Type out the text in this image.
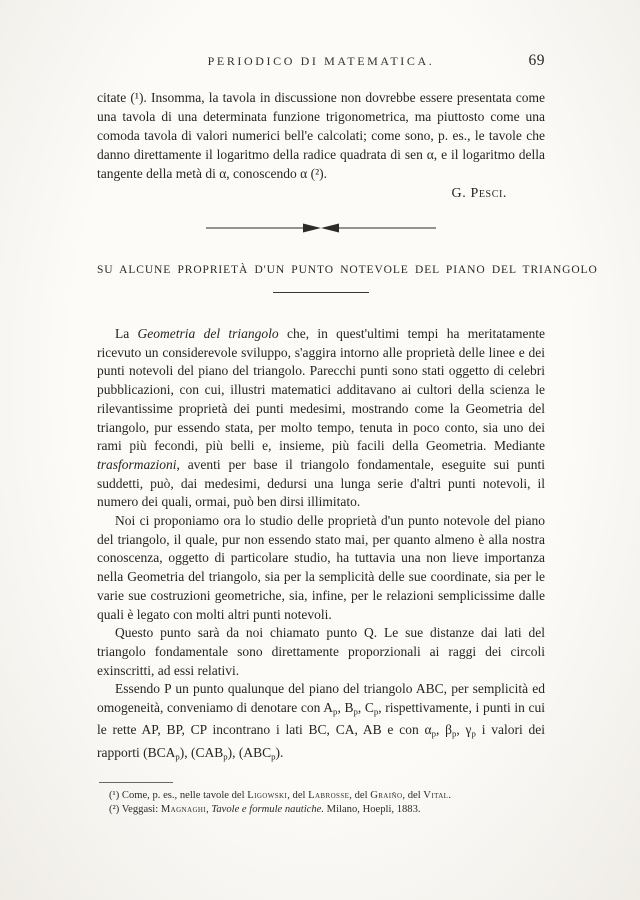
PERIODICO DI MATEMATICA.	69

citate (¹). Insomma, la tavola in discussione non dovrebbe essere presentata come una tavola di una determinata funzione trigonometrica, ma piuttosto come una comoda tavola di valori numerici bell'e calcolati; come sono, p. es., le tavole che danno direttamente il logaritmo della radice quadrata di sen α, e il logaritmo della tangente della metà di α, conoscendo α (²).

G. Pesci.
SU ALCUNE PROPRIETÀ D'UN PUNTO NOTEVOLE DEL PIANO DEL TRIANGOLO

La Geometria del triangolo che, in quest'ultimi tempi ha meritatamente ricevuto un considerevole sviluppo, s'aggira intorno alle proprietà delle linee e dei punti notevoli del piano del triangolo. Parecchi punti sono stati oggetto di celebri pubblicazioni, con cui, illustri matematici additavano ai cultori della scienza le rilevantissime proprietà dei punti medesimi, mostrando come la Geometria del triangolo, pur essendo stata, per molto tempo, tenuta in poco conto, sia uno dei rami più fecondi, più belli e, insieme, più facili della Geometria. Mediante trasformazioni, aventi per base il triangolo fondamentale, eseguite sui punti suddetti, può, dai medesimi, dedursi una lunga serie d'altri punti notevoli, il numero dei quali, ormai, può ben dirsi illimitato.

Noi ci proponiamo ora lo studio delle proprietà d'un punto notevole del piano del triangolo, il quale, pur non essendo stato mai, per quanto almeno è alla nostra conoscenza, oggetto di particolare studio, ha tuttavia una non lieve importanza nella Geometria del triangolo, sia per la semplicità delle sue coordinate, sia per le varie sue costruzioni geometriche, sia, infine, per le relazioni semplicissime dalle quali è legato con molti altri punti notevoli.

Questo punto sarà da noi chiamato punto Q. Le sue distanze dai lati del triangolo fondamentale sono direttamente proporzionali ai raggi dei circoli exinscritti, ad essi relativi.

Essendo P un punto qualunque del piano del triangolo ABC, per semplicità ed omogeneità, conveniamo di denotare con $A_p$, $B_p$, $C_p$, rispettivamente, i punti in cui le rette AP, BP, CP incontrano i lati BC, CA, AB e con $\alpha_p$, $\beta_p$, $\gamma_p$ i valori dei rapporti $(BCA_p)$, $(CAB_p)$, $(ABC_p)$.

(¹) Come, p. es., nelle tavole del Ligowski, del Labrosse, del Graiño, del Vital.

(²) Veggasi: Magnaghi, Tavole e formule nautiche. Milano, Hoepli, 1883.
